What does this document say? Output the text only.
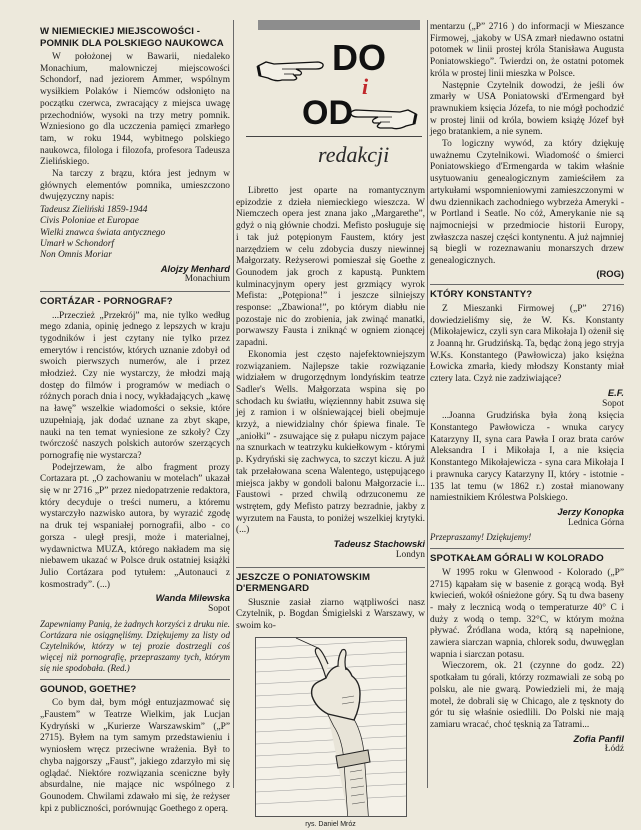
W NIEMIECKIEJ MIEJSCOWOŚCI - POMNIK DLA POLSKIEGO NAUKOWCA

W położonej w Bawarii, niedaleko Monachium, malowniczej miejscowości Schondorf, nad jeziorem Ammer, wspólnym wysiłkiem Polaków i Niemców odsłonięto na początku czerwca, zwracający z miejsca uwagę przechodniów, wysoki na trzy metry pomnik. Wzniesiono go dla uczczenia pamięci zmarłego tam, w roku 1944, wybitnego polskiego naukowca, filologa i filozofa, profesora Tadeusza Zielińskiego.

Na tarczy z brązu, która jest jednym w głównych elementów pomnika, umieszczono dwujęzyczny napis:

Tadeusz Zieliński 1859-1944
Civis Poloniae et Europae
Wielki znawca świata antycznego
Umarł w Schondorf
Non Omnis Moriar
Alojzy Menhard
Monachium
CORTÁZAR - PORNOGRAF?

...Przeczież „Przekrój” ma, nie tylko według mego zdania, opinię jednego z lepszych w kraju tygodników i jest czytany nie tylko przez emerytów i rencistów, których uznanie zdobył od swoich pierwszych numerów, ale i przez młodzież. Czy nie wystarczy, że młodzi mają dostęp do filmów i programów w mediach o różnych porach dnia i nocy, wykładających „kawę na ławę” wszelkie wiadomości o seksie, które uzupełniają, jak dodać uznane za zbyt skąpe, nauki na ten temat wyniesione ze szkoły? Czy twórczość naszych polskich autorów szerzących pornografię nie wystarcza?

Podejrzewam, że albo fragment prozy Cortazara pt. „O zachowaniu w motelach” ukazał się w nr 2716 „P” przez niedopatrzenie redaktora, który decyduje o treści numeru, a któremu wystarczyło nazwisko autora, by wyrazić zgodę na druk tej wspaniałej pornografii, albo - co gorsza - uległ presji, może i materialnej, wydawnictwa MUZA, którego nakładem ma się niebawem ukazać w Polsce druk ostatniej książki Julio Cortázara pod tytułem: „Autonauci z kosmostrady”. (...)

Wanda Milewska
Sopot
Zapewniamy Panią, że żadnych korzyści z druku nie. Cortázara nie osiągnęliśmy. Dziękujemy za listy od Czytelników, którzy w tej prozie dostrzegli coś więcej niż pornografię, przepraszamy tych, którym się nie spodobała. (Red.)
GOUNOD, GOETHE?

Co bym dał, bym mógł entuzjazmować się „Faustem” w Teatrze Wielkim, jak Lucjan Kydryński w „Kurierze Warszawskim” („P” 2715). Byłem na tym samym przedstawieniu i wyniosłem wręcz przeciwne wrażenia. Był to chyba najgorszy „Faust”, jakiego zdarzyło mi się oglądać. Niektóre rozwiązania sceniczne były absurdalne, nie mające nic wspólnego z Gounodem. Chwilami zdawało mi się, że reżyser kpi z publiczności, porównując Goethego z operą.

DO
i
OD
redakcji

Libretto jest oparte na romantycznym epizodzie z dzieła niemieckiego wieszcza. W Niemczech opera jest znana jako „Margarethe”, gdyż o nią głównie chodzi. Mefisto posługuje się i tak już potępionym Faustem, który jest narzędziem w celu zdobycia duszy niewinnej Małgorzaty. Reżyserowi pomieszał się Goethe z Gounodem jak groch z kapustą. Punktem kulminacyjnym opery jest grzmiący wyrok Mefista: „Potępiona!” i jeszcze silniejszy response: „Zbawiona!”, po którym diabłu nie pozostaje nic do zrobienia, jak zwinąć manatki, porwawszy Fausta i zniknąć w ogniem zionącej zapadni.

Ekonomia jest często najefektowniejszym rozwiązaniem. Najlepsze takie rozwiązanie widziałem w drugorzędnym londyńskim teatrze Sadler's Wells. Małgorzata wspina się po schodach ku światłu, więziennny habit zsuwa się jej z ramion i w olśniewającej bieli obejmuje krzyż, a niewidzialny chór śpiewa finale. Te „aniołki” - zsuwające się z pułapu niczym pajace na sznurkach w teatrzyku kukiełkowym - którymi p. Kydryński się zachwyca, to szczyt kiczu. A już tak przełałowana scena Walentego, ustępującego miejsca jakby w gondoli balonu Małgorzacie i... Faustowi - przed chwilą odrzuconemu ze wstrętem, gdy Mefisto patrzy bezradnie, jakby z wyrzutem na Fausta, to poniżej wszelkiej krytyki. (...)

Tadeusz Stachowski
Londyn
JESZCZE O PONIATOWSKIM D'ERMENGARD

Słusznie zasiał ziarno wątpliwości nasz Czytelnik, p. Bogdan Śmigielski z Warszawy, w swoim ko-

rys. Daniel Mróz

mentarzu („P” 2716 ) do informacji w Mieszance Firmowej, „jakoby w USA zmarł niedawno ostatni potomek w linii prostej króla Stanisława Augusta Poniatowskiego”. Twierdzi on, że ostatni potomek króla w prostej linii mieszka w Polsce.

Następnie Czytelnik dowodzi, że jeśli ów zmarły w USA Poniatowski d'Ermengard był prawnukiem księcia Józefa, to nie mógł pochodzić w prostej linii od króla, bowiem książę Józef był jego bratankiem, a nie synem.

To logiczny wywód, za który dziękuję uważnemu Czytelnikowi. Wiadomość o śmierci Poniatowskiego d'Ermengarda w takim właśnie usytuowaniu genealogicznym zamieściłem za artykułami wspomnieniowymi zamieszczonymi w dwu dziennikach zachodniego wybrzeża Ameryki - w Portland i Seatle. No cóż, Amerykanie nie są najmocniejsi w przedmiocie historii Europy, zwłaszcza naszej części kontynentu. A już najmniej są biegli w rozeznawaniu monarszych drzew genealogicznych.

(ROG)
KTÓRY KONSTANTY?

Z Mieszanki Firmowej („P” 2716) dowiedzieliśmy się, że W. Ks. Konstanty (Mikołajewicz, czyli syn cara Mikołaja I) ożenił się z Joanną hr. Grudzińską. Ta, będąc żoną jego stryja W.Ks. Konstantego (Pawłowicza) jako księżna Łowicka zmarła, kiedy młodszy Konstanty miał cztery lata. Czyż nie zadziwiające?

E.F.
Sopot

...Joanna Grudzińska była żoną księcia Konstantego Pawłowicza - wnuka carycy Katarzyny II, syna cara Pawła I oraz brata carów Aleksandra I i Mikołaja I, a nie księcia Konstantego Mikołajewicza - syna cara Mikołaja I i prawnuka carycy Katarzyny II, który - istotnie - 135 lat temu (w 1862 r.) został mianowany namiestnikiem Królestwa Polskiego.

Jerzy Konopka
Lednica Górna
Przepraszamy! Dziękujemy!
SPOTKAŁAM GÓRALI W KOLORADO

W 1995 roku w Glenwood - Kolorado („P” 2715) kąpałam się w basenie z gorącą wodą. Był kwiecień, wokół ośnieżone góry. Są tu dwa baseny - mały z lecznicą wodą o temperaturze 40° C i duży z wodą o temp. 32°C, w którym można pływać. Źródlana woda, którą są napełnione, zawiera siarczan wapnia, chlorek sodu, dwuwęglan wapnia i siarczan potasu.

Wieczorem, ok. 21 (czynne do godz. 22) spotkałam tu górali, którzy rozmawiali ze sobą po polsku, ale nie gwarą. Powiedzieli mi, że mają motel, że dobrali się w Chicago, ale z tęsknoty do gór tu się właśnie osiedlili. Do Polski nie mają zamiaru wracać, choć tęsknią za Tatrami...

Zofia Panfil
Łódź
